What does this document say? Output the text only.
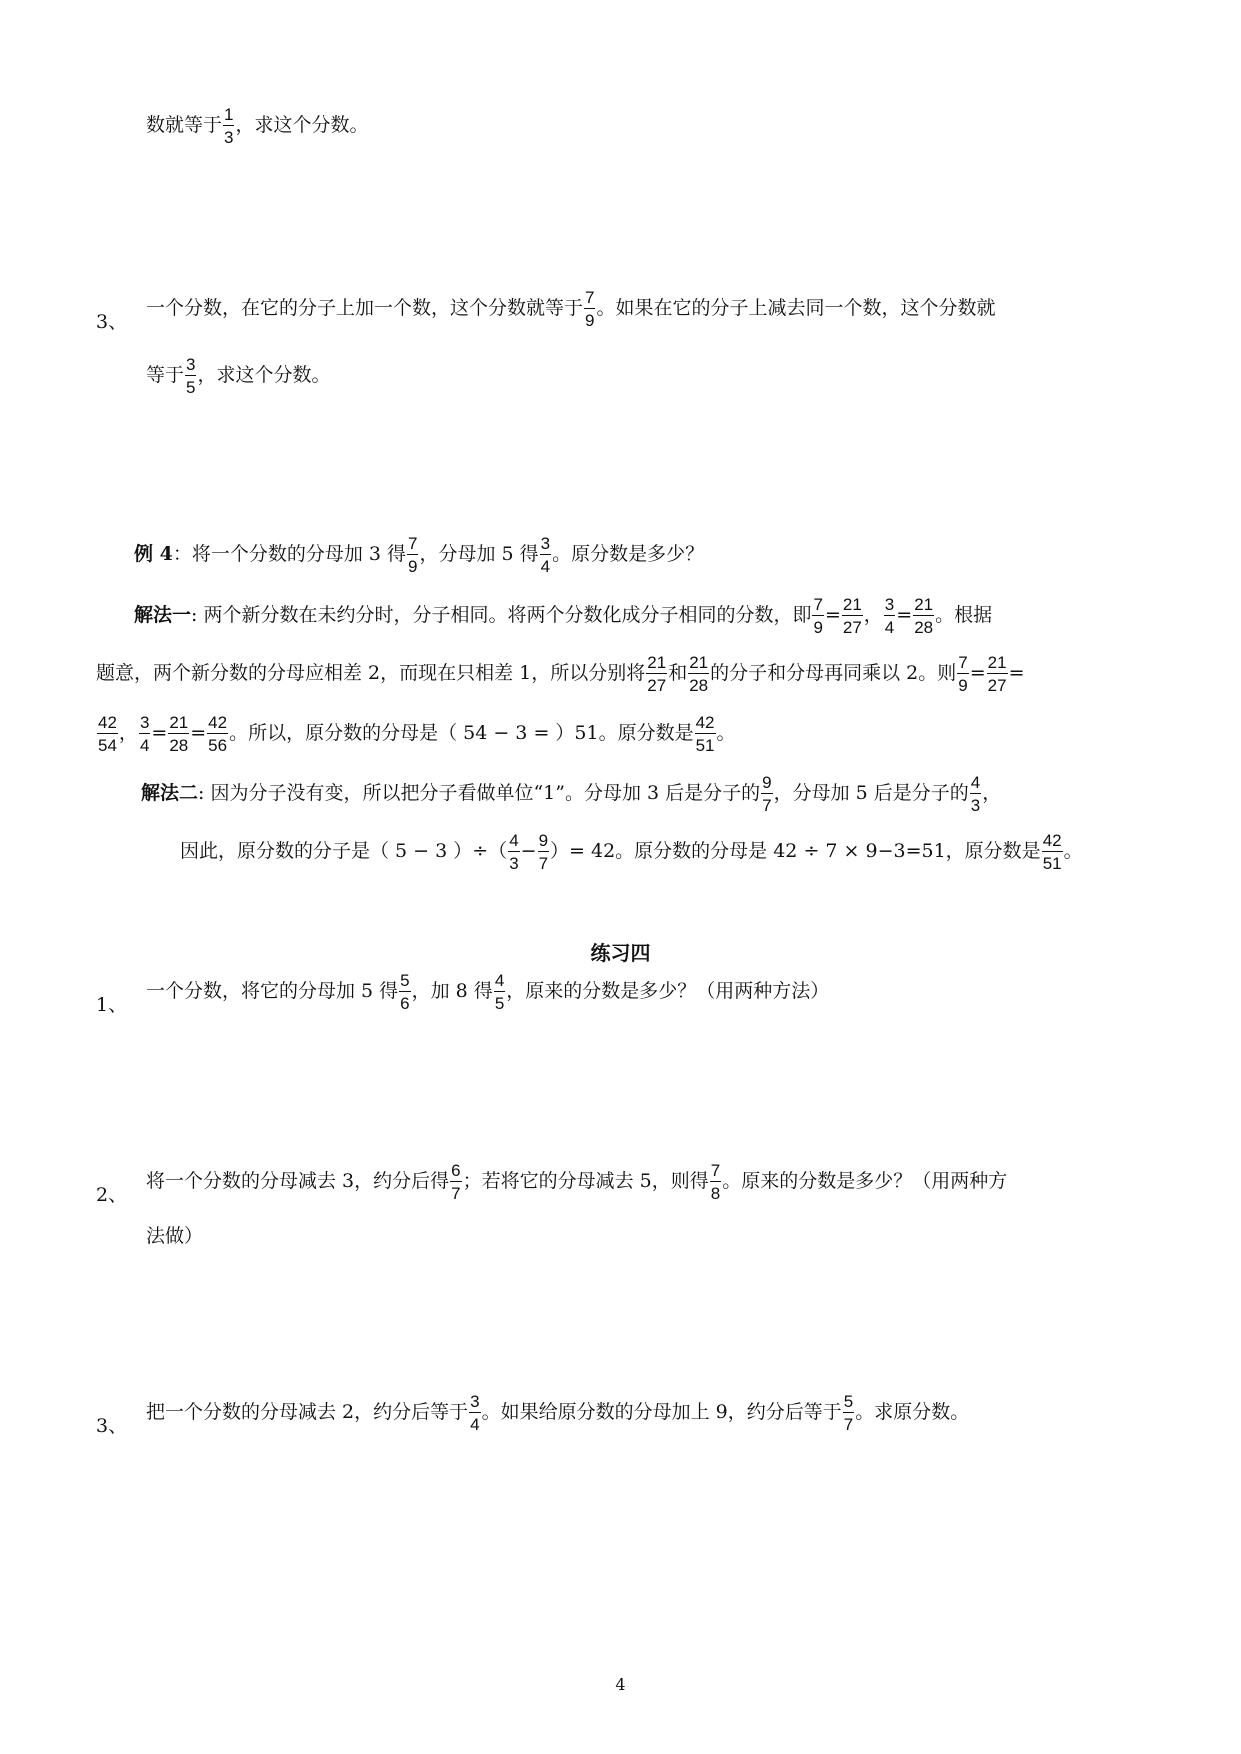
数就等于 $\frac{1}{3}$ ，求这个分数。
3、
一个分数，在它的分子上加一个数，这个分数就等于 $\frac{7}{9}$ 。如果在它的分子上减去同一个数，这个分数就
等于 $\frac{3}{5}$ ，求这个分数。
例 4：将一个分数的分母加 3 得 $\frac{7}{9}$ ，分母加 5 得 $\frac{3}{4}$ 。原分数是多少？
解法一: 两个新分数在未约分时，分子相同。将两个分数化成分子相同的分数，即 $\frac{7}{9} = \frac{21}{27}$ ， $\frac{3}{4} = \frac{21}{28}$ 。根据
题意，两个新分数的分母应相差 2，而现在只相差 1，所以分别将 $\frac{21}{27}$ 和 $\frac{21}{28}$ 的分子和分母再同乘以 2。则 $\frac{7}{9} = \frac{21}{27}$ =
$\frac{42}{54}$ ， $\frac{3}{4} = \frac{21}{28} = \frac{42}{56}$ 。所以，原分数的分母是（ 54 − 3 = ）51。原分数是 $\frac{42}{51}$ 。
解法二: 因为分子没有变，所以把分子看做单位“1”。分母加 3 后是分子的 $\frac{9}{7}$ ，分母加 5 后是分子的 $\frac{4}{3}$ ，
因此，原分数的分子是（ 5 − 3 ）÷（ $\frac{4}{3} - \frac{9}{7}$ ）= 42。原分数的分母是 42 ÷ 7 × 9−3=51，原分数是 $\frac{42}{51}$ 。
练习四
1、
一个分数，将它的分母加 5 得 $\frac{5}{6}$ ，加 8 得 $\frac{4}{5}$ ，原来的分数是多少？（用两种方法）
2、
将一个分数的分母减去 3，约分后得 $\frac{6}{7}$ ；若将它的分母减去 5，则得 $\frac{7}{8}$ 。原来的分数是多少？（用两种方
法做）
3、
把一个分数的分母减去 2，约分后等于 $\frac{3}{4}$ 。如果给原分数的分母加上 9，约分后等于 $\frac{5}{7}$ 。求原分数。
4
